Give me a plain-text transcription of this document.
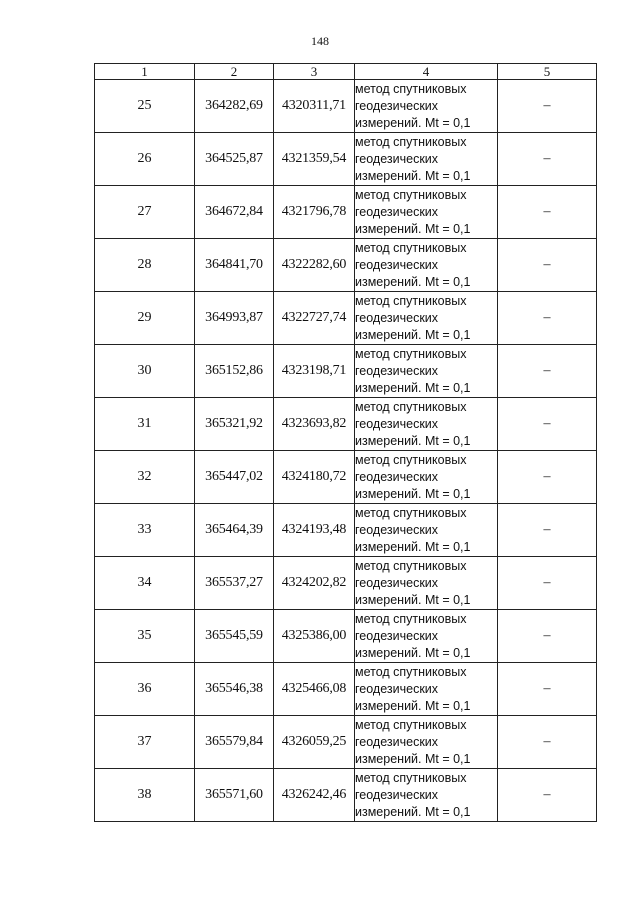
148
1	2	3	4	5
25	364282,69	4320311,71	метод спутниковых
геодезических
измерений. Mt = 0,1	–
26	364525,87	4321359,54	метод спутниковых
геодезических
измерений. Mt = 0,1	–
27	364672,84	4321796,78	метод спутниковых
геодезических
измерений. Mt = 0,1	–
28	364841,70	4322282,60	метод спутниковых
геодезических
измерений. Mt = 0,1	–
29	364993,87	4322727,74	метод спутниковых
геодезических
измерений. Mt = 0,1	–
30	365152,86	4323198,71	метод спутниковых
геодезических
измерений. Mt = 0,1	–
31	365321,92	4323693,82	метод спутниковых
геодезических
измерений. Mt = 0,1	–
32	365447,02	4324180,72	метод спутниковых
геодезических
измерений. Mt = 0,1	–
33	365464,39	4324193,48	метод спутниковых
геодезических
измерений. Mt = 0,1	–
34	365537,27	4324202,82	метод спутниковых
геодезических
измерений. Mt = 0,1	–
35	365545,59	4325386,00	метод спутниковых
геодезических
измерений. Mt = 0,1	–
36	365546,38	4325466,08	метод спутниковых
геодезических
измерений. Mt = 0,1	–
37	365579,84	4326059,25	метод спутниковых
геодезических
измерений. Mt = 0,1	–
38	365571,60	4326242,46	метод спутниковых
геодезических
измерений. Mt = 0,1	–
